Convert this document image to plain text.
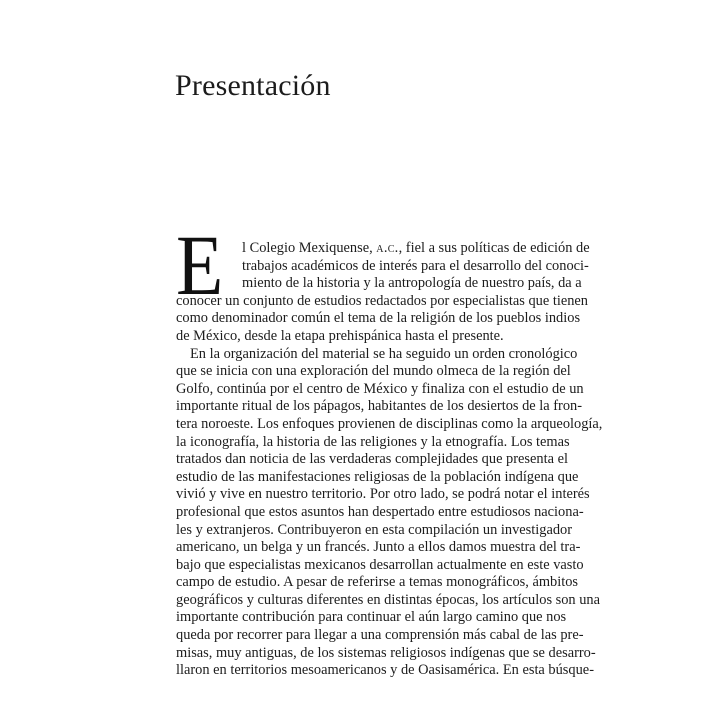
Presentación
E l Colegio Mexiquense, a.c., fiel a sus políticas de edición de
trabajos académicos de interés para el desarrollo del conoci-
miento de la historia y la antropología de nuestro país, da a
conocer un conjunto de estudios redactados por especialistas que tienen
como denominador común el tema de la religión de los pueblos indios
de México, desde la etapa prehispánica hasta el presente.
En la organización del material se ha seguido un orden cronológico
que se inicia con una exploración del mundo olmeca de la región del
Golfo, continúa por el centro de México y finaliza con el estudio de un
importante ritual de los pápagos, habitantes de los desiertos de la fron-
tera noroeste. Los enfoques provienen de disciplinas como la arqueología,
la iconografía, la historia de las religiones y la etnografía. Los temas
tratados dan noticia de las verdaderas complejidades que presenta el
estudio de las manifestaciones religiosas de la población indígena que
vivió y vive en nuestro territorio. Por otro lado, se podrá notar el interés
profesional que estos asuntos han despertado entre estudiosos naciona-
les y extranjeros. Contribuyeron en esta compilación un investigador
americano, un belga y un francés. Junto a ellos damos muestra del tra-
bajo que especialistas mexicanos desarrollan actualmente en este vasto
campo de estudio. A pesar de referirse a temas monográficos, ámbitos
geográficos y culturas diferentes en distintas épocas, los artículos son una
importante contribución para continuar el aún largo camino que nos
queda por recorrer para llegar a una comprensión más cabal de las pre-
misas, muy antiguas, de los sistemas religiosos indígenas que se desarro-
llaron en territorios mesoamericanos y de Oasisamérica. En esta búsque-
